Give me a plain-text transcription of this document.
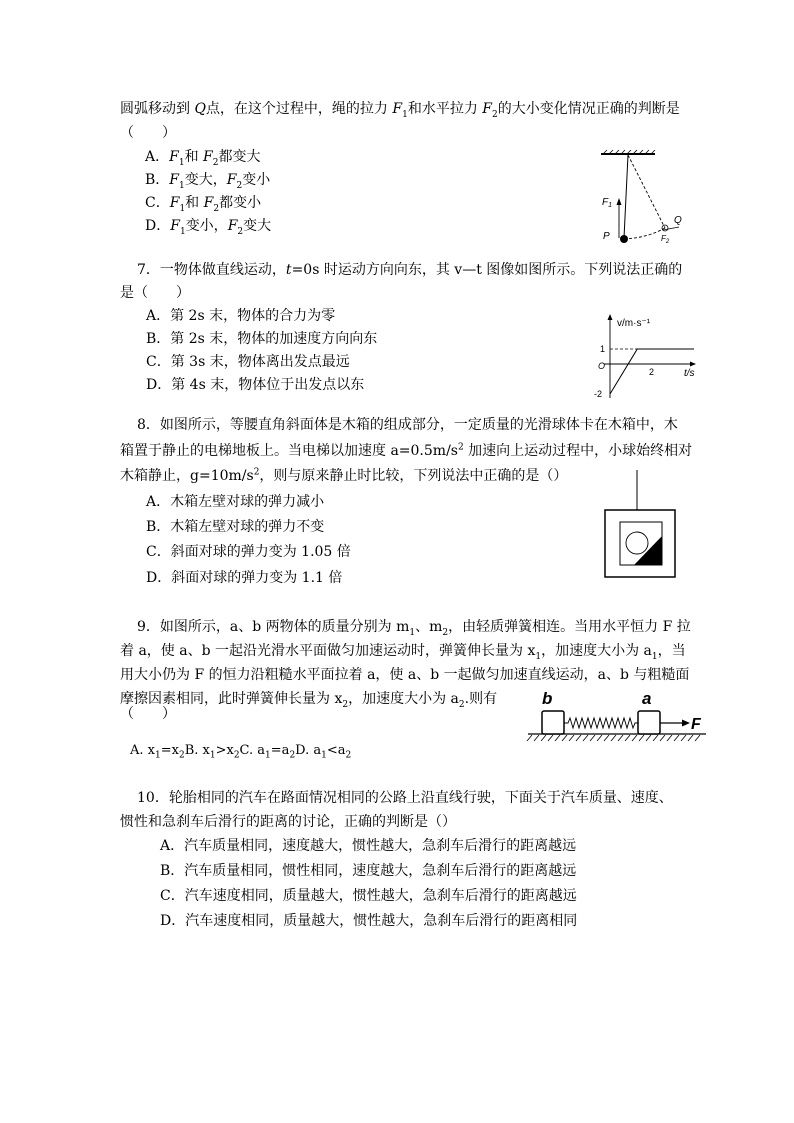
圆弧移动到 Q点，在这个过程中，绳的拉力 $F_1$和水平拉力 $F_2$的大小变化情况正确的判断是
（　　）
A．$F_1$和 $F_2$都变大
B．$F_1$变大，$F_2$变小
C．$F_1$和 $F_2$都变小
D．$F_1$变小，$F_2$变大
$F_1$
P
Q
$F_2$
7．一物体做直线运动，t=0s 时运动方向向东，其 v—t 图像如图所示。下列说法正确的
是（　　）
A．第 2s 末，物体的合力为零
B．第 2s 末，物体的加速度方向向东
C．第 3s 末，物体离出发点最远
D．第 4s 末，物体位于出发点以东
v/m·s⁻¹
t/s
O
2
1
-2
8．如图所示，等腰直角斜面体是木箱的组成部分，一定质量的光滑球体卡在木箱中，木
箱置于静止的电梯地板上。当电梯以加速度 $a=0.5m/s^2$ 加速向上运动过程中，小球始终相对
木箱静止，$g=10m/s^2$，则与原来静止时比较，下列说法中正确的是（）
A．木箱左壁对球的弹力减小
B．木箱左壁对球的弹力不变
C．斜面对球的弹力变为 1.05 倍
D．斜面对球的弹力变为 1.1 倍
9．如图所示，a、b 两物体的质量分别为 $m_1$、$m_2$，由轻质弹簧相连。当用水平恒力 F 拉
着 a，使 a、b 一起沿光滑水平面做匀加速运动时，弹簧伸长量为 $x_1$，加速度大小为 $a_1$，当
用大小仍为 F 的恒力沿粗糙水平面拉着 a，使 a、b 一起做匀加速直线运动，a、b 与粗糙面
摩擦因素相同，此时弹簧伸长量为 $x_2$，加速度大小为 $a_2$.则有
（　　）
A. $x_1=x_2B$. $x_1>x_2C$. $a_1=a_2D$. $a_1<a_2$
b	a
F
10．轮胎相同的汽车在路面情况相同的公路上沿直线行驶，下面关于汽车质量、速度、
惯性和急刹车后滑行的距离的讨论，正确的判断是（）
A．汽车质量相同，速度越大，惯性越大，急刹车后滑行的距离越远
B．汽车质量相同，惯性相同，速度越大，急刹车后滑行的距离越远
C．汽车速度相同，质量越大，惯性越大，急刹车后滑行的距离越远
D．汽车速度相同，质量越大，惯性越大，急刹车后滑行的距离相同
